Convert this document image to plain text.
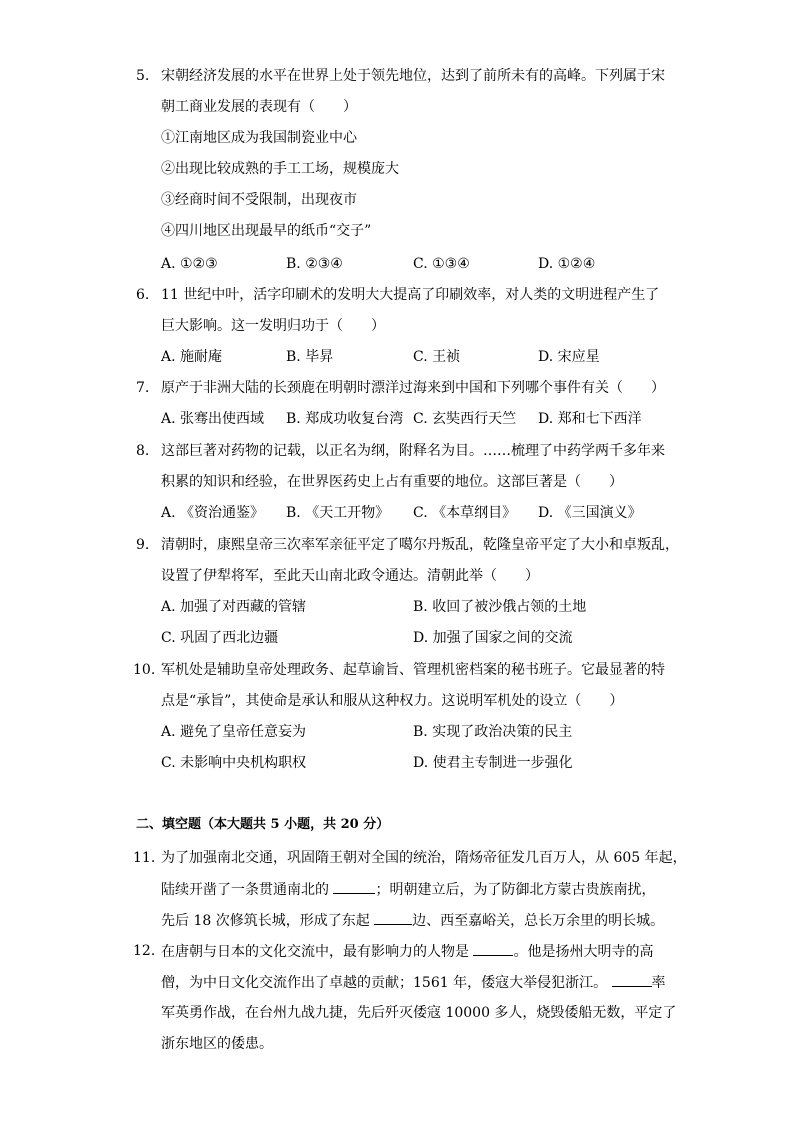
5. 宋朝经济发展的水平在世界上处于领先地位，达到了前所未有的高峰。下列属于宋
朝工商业发展的表现有（　　）
①江南地区成为我国制瓷业中心
②出现比较成熟的手工工场，规模庞大
③经商时间不受限制，出现夜市
④四川地区出现最早的纸币“交子”
A. ①②③	B. ②③④	C. ①③④	D. ①②④
6. 11 世纪中叶，活字印刷术的发明大大提高了印刷效率，对人类的文明进程产生了
巨大影响。这一发明归功于（　　）
A. 施耐庵	B. 毕昇	C. 王祯	D. 宋应星
7. 原产于非洲大陆的长颈鹿在明朝时漂洋过海来到中国和下列哪个事件有关（　　）
A. 张骞出使西域 B. 郑成功收复台湾 C. 玄奘西行天竺 D. 郑和七下西洋
8. 这部巨著对药物的记载，以正名为纲，附释名为目。……梳理了中药学两千多年来
积累的知识和经验，在世界医药史上占有重要的地位。这部巨著是（　　）
A. 《资治通鉴》 B. 《天工开物》 C. 《本草纲目》 D. 《三国演义》
9. 清朝时，康熙皇帝三次率军亲征平定了噶尔丹叛乱，乾隆皇帝平定了大小和卓叛乱，
设置了伊犁将军，至此天山南北政令通达。清朝此举（　　）
A. 加强了对西藏的管辖	B. 收回了被沙俄占领的土地
C. 巩固了西北边疆	D. 加强了国家之间的交流
10. 军机处是辅助皇帝处理政务、起草谕旨、管理机密档案的秘书班子。它最显著的特
点是“承旨”，其使命是承认和服从这种权力。这说明军机处的设立（　　）
A. 避免了皇帝任意妄为	B. 实现了政治决策的民主
C. 未影响中央机构职权	D. 使君主专制进一步强化
二、填空题（本大题共 5 小题，共 20 分）
11. 为了加强南北交通，巩固隋王朝对全国的统治，隋炀帝征发几百万人，从 605 年起，
陆续开凿了一条贯通南北的	；明朝建立后，为了防御北方蒙古贵族南扰，
先后 18 次修筑长城，形成了东起	边、西至嘉峪关，总长万余里的明长城。
12. 在唐朝与日本的文化交流中，最有影响力的人物是	。他是扬州大明寺的高
僧，为中日文化交流作出了卓越的贡献；1561 年，倭寇大举侵犯浙江。	率
军英勇作战，在台州九战九捷，先后歼灭倭寇 10000 多人，烧毁倭船无数，平定了
浙东地区的倭患。
